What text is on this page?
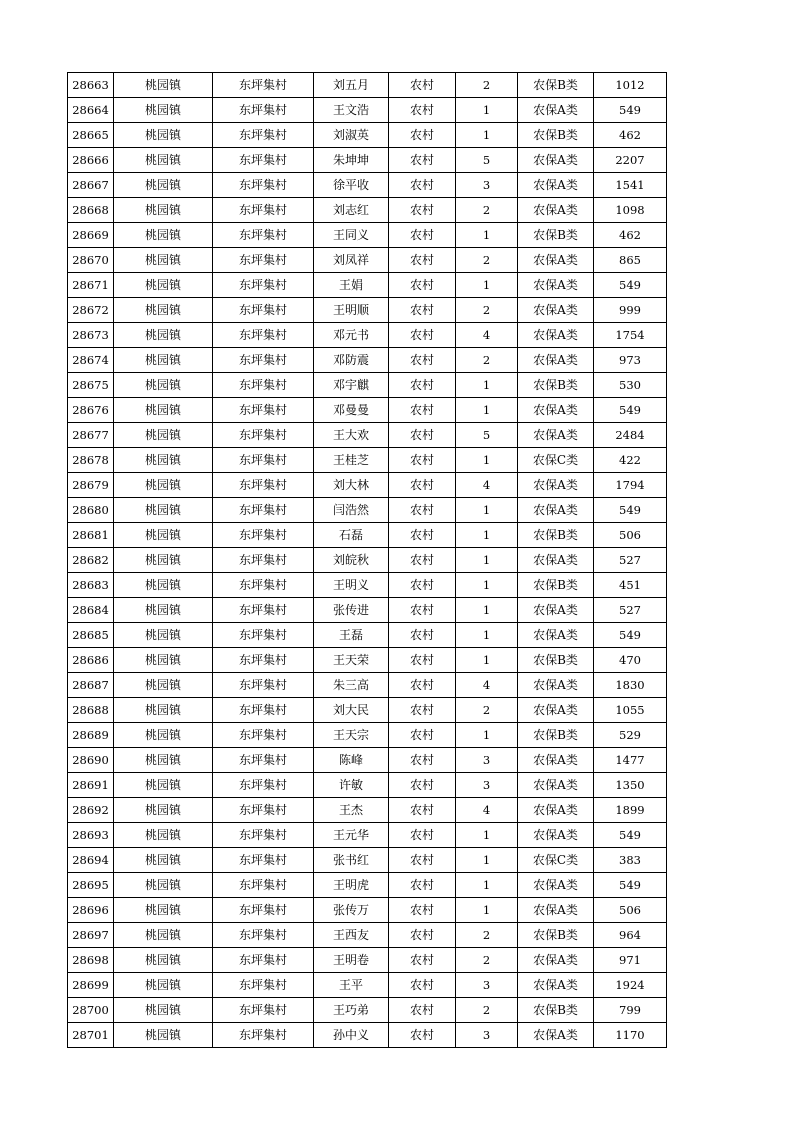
28663	桃园镇	东坪集村	刘五月	农村	2	农保B类	1012
28664	桃园镇	东坪集村	王文浩	农村	1	农保A类	549
28665	桃园镇	东坪集村	刘淑英	农村	1	农保B类	462
28666	桃园镇	东坪集村	朱坤坤	农村	5	农保A类	2207
28667	桃园镇	东坪集村	徐平收	农村	3	农保A类	1541
28668	桃园镇	东坪集村	刘志红	农村	2	农保A类	1098
28669	桃园镇	东坪集村	王同义	农村	1	农保B类	462
28670	桃园镇	东坪集村	刘凤祥	农村	2	农保A类	865
28671	桃园镇	东坪集村	王娟	农村	1	农保A类	549
28672	桃园镇	东坪集村	王明顺	农村	2	农保A类	999
28673	桃园镇	东坪集村	邓元书	农村	4	农保A类	1754
28674	桃园镇	东坪集村	邓防震	农村	2	农保A类	973
28675	桃园镇	东坪集村	邓宇麒	农村	1	农保B类	530
28676	桃园镇	东坪集村	邓曼曼	农村	1	农保A类	549
28677	桃园镇	东坪集村	王大欢	农村	5	农保A类	2484
28678	桃园镇	东坪集村	王桂芝	农村	1	农保C类	422
28679	桃园镇	东坪集村	刘大林	农村	4	农保A类	1794
28680	桃园镇	东坪集村	闫浩然	农村	1	农保A类	549
28681	桃园镇	东坪集村	石磊	农村	1	农保B类	506
28682	桃园镇	东坪集村	刘皖秋	农村	1	农保A类	527
28683	桃园镇	东坪集村	王明义	农村	1	农保B类	451
28684	桃园镇	东坪集村	张传进	农村	1	农保A类	527
28685	桃园镇	东坪集村	王磊	农村	1	农保A类	549
28686	桃园镇	东坪集村	王天荣	农村	1	农保B类	470
28687	桃园镇	东坪集村	朱三高	农村	4	农保A类	1830
28688	桃园镇	东坪集村	刘大民	农村	2	农保A类	1055
28689	桃园镇	东坪集村	王天宗	农村	1	农保B类	529
28690	桃园镇	东坪集村	陈峰	农村	3	农保A类	1477
28691	桃园镇	东坪集村	许敏	农村	3	农保A类	1350
28692	桃园镇	东坪集村	王杰	农村	4	农保A类	1899
28693	桃园镇	东坪集村	王元华	农村	1	农保A类	549
28694	桃园镇	东坪集村	张书红	农村	1	农保C类	383
28695	桃园镇	东坪集村	王明虎	农村	1	农保A类	549
28696	桃园镇	东坪集村	张传万	农村	1	农保A类	506
28697	桃园镇	东坪集村	王西友	农村	2	农保B类	964
28698	桃园镇	东坪集村	王明卷	农村	2	农保A类	971
28699	桃园镇	东坪集村	王平	农村	3	农保A类	1924
28700	桃园镇	东坪集村	王巧弟	农村	2	农保B类	799
28701	桃园镇	东坪集村	孙中义	农村	3	农保A类	1170
